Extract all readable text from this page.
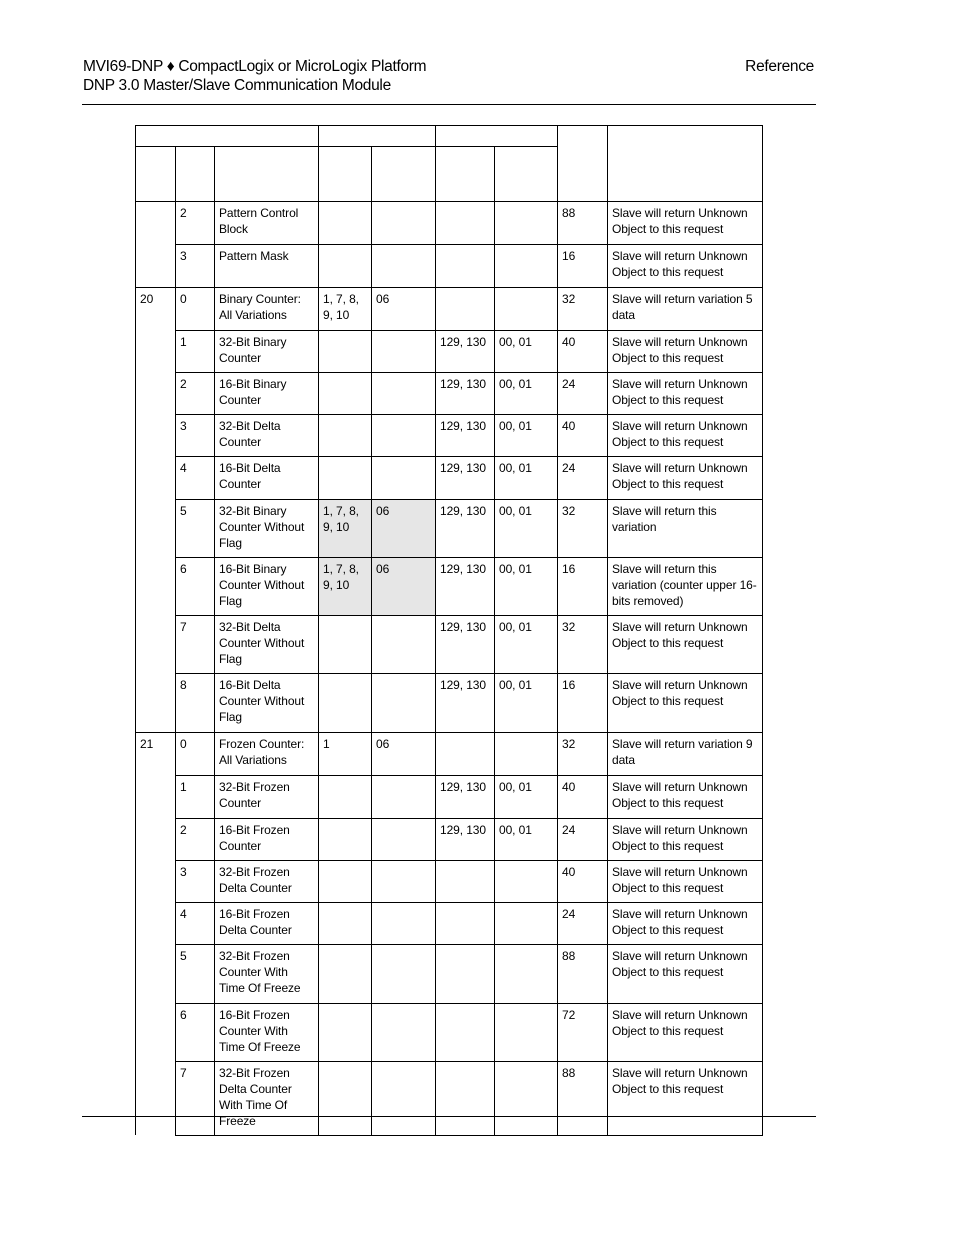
MVI69-DNP ♦ CompactLogix or MicroLogix Platform
DNP 3.0 Master/Slave Communication Module
Reference

	2	Pattern Control Block					88	Slave will return Unknown Object to this request
	3	Pattern Mask					16	Slave will return Unknown Object to this request
20	0	Binary Counter: All Variations	1, 7, 8, 9, 10	06			32	Slave will return variation 5 data
	1	32-Bit Binary Counter			129, 130	00, 01	40	Slave will return Unknown Object to this request
	2	16-Bit Binary Counter			129, 130	00, 01	24	Slave will return Unknown Object to this request
	3	32-Bit Delta Counter			129, 130	00, 01	40	Slave will return Unknown Object to this request
	4	16-Bit Delta Counter			129, 130	00, 01	24	Slave will return Unknown Object to this request
	5	32-Bit Binary Counter Without Flag	1, 7, 8, 9, 10	06	129, 130	00, 01	32	Slave will return this variation
	6	16-Bit Binary Counter Without Flag	1, 7, 8, 9, 10	06	129, 130	00, 01	16	Slave will return this variation (counter upper 16-bits removed)
	7	32-Bit Delta Counter Without Flag			129, 130	00, 01	32	Slave will return Unknown Object to this request
	8	16-Bit Delta Counter Without Flag			129, 130	00, 01	16	Slave will return Unknown Object to this request
21	0	Frozen Counter: All Variations	1	06			32	Slave will return variation 9 data
	1	32-Bit Frozen Counter			129, 130	00, 01	40	Slave will return Unknown Object to this request
	2	16-Bit Frozen Counter			129, 130	00, 01	24	Slave will return Unknown Object to this request
	3	32-Bit Frozen Delta Counter					40	Slave will return Unknown Object to this request
	4	16-Bit Frozen Delta Counter					24	Slave will return Unknown Object to this request
	5	32-Bit Frozen Counter With Time Of Freeze					88	Slave will return Unknown Object to this request
	6	16-Bit Frozen Counter With Time Of Freeze					72	Slave will return Unknown Object to this request
	7	32-Bit Frozen Delta Counter With Time Of Freeze					88	Slave will return Unknown Object to this request
